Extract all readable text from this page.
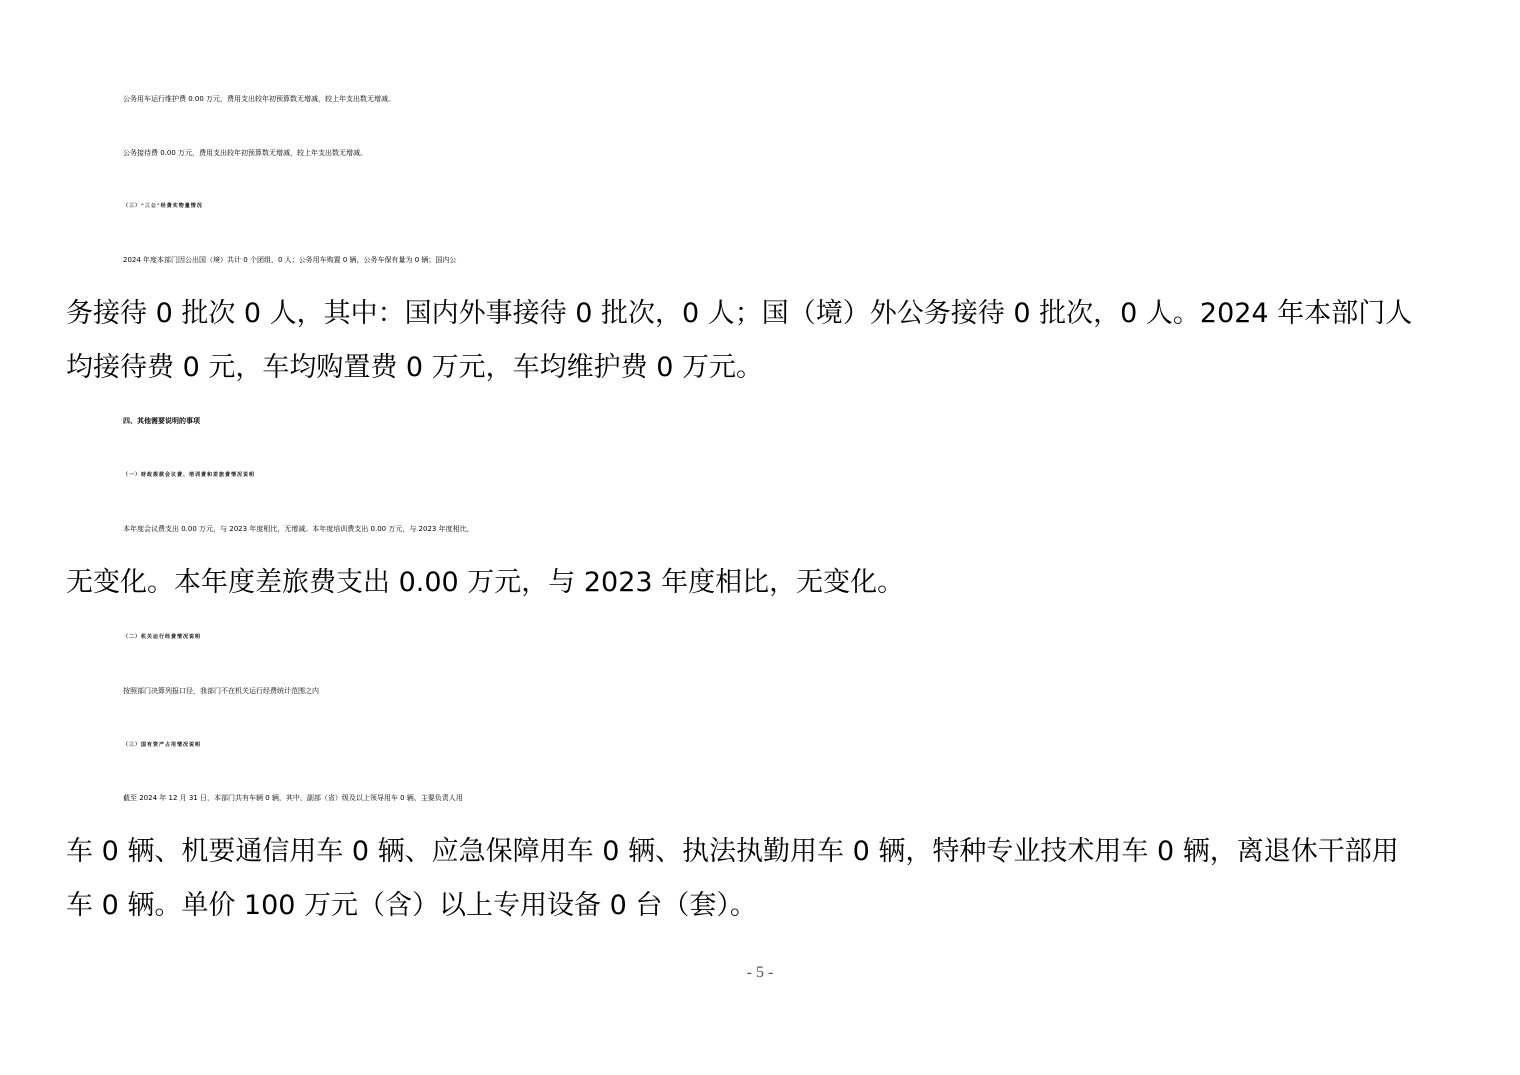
公务用车运行维护费 0.00 万元，费用支出较年初预算数无增减，较上年支出数无增减。
公务接待费 0.00 万元，费用支出较年初预算数无增减，较上年支出数无增减。
（三）“三公”经费实物量情况
2024 年度本部门因公出国（境）共计 0 个团组，0 人；公务用车购置 0 辆，公务车保有量为 0 辆；国内公
务接待 0 批次 0 人，其中：国内外事接待 0 批次，0 人；国（境）外公务接待 0 批次，0 人。2024 年本部门人
均接待费 0 元，车均购置费 0 万元，车均维护费 0 万元。
四、其他需要说明的事项
（一）财政拨款会议费、培训费和差旅费情况说明
本年度会议费支出 0.00 万元，与 2023 年度相比，无增减。本年度培训费支出 0.00 万元，与 2023 年度相比，
无变化。本年度差旅费支出 0.00 万元，与 2023 年度相比，无变化。
（二）机关运行经费情况说明
按照部门决算列报口径，我部门不在机关运行经费统计范围之内
（三）国有资产占用情况说明
截至 2024 年 12 月 31 日，本部门共有车辆 0 辆，其中，副部（省）级及以上领导用车 0 辆、主要负责人用
车 0 辆、机要通信用车 0 辆、应急保障用车 0 辆、执法执勤用车 0 辆，特种专业技术用车 0 辆，离退休干部用
车 0 辆。单价 100 万元（含）以上专用设备 0 台（套）。
- 5 -
